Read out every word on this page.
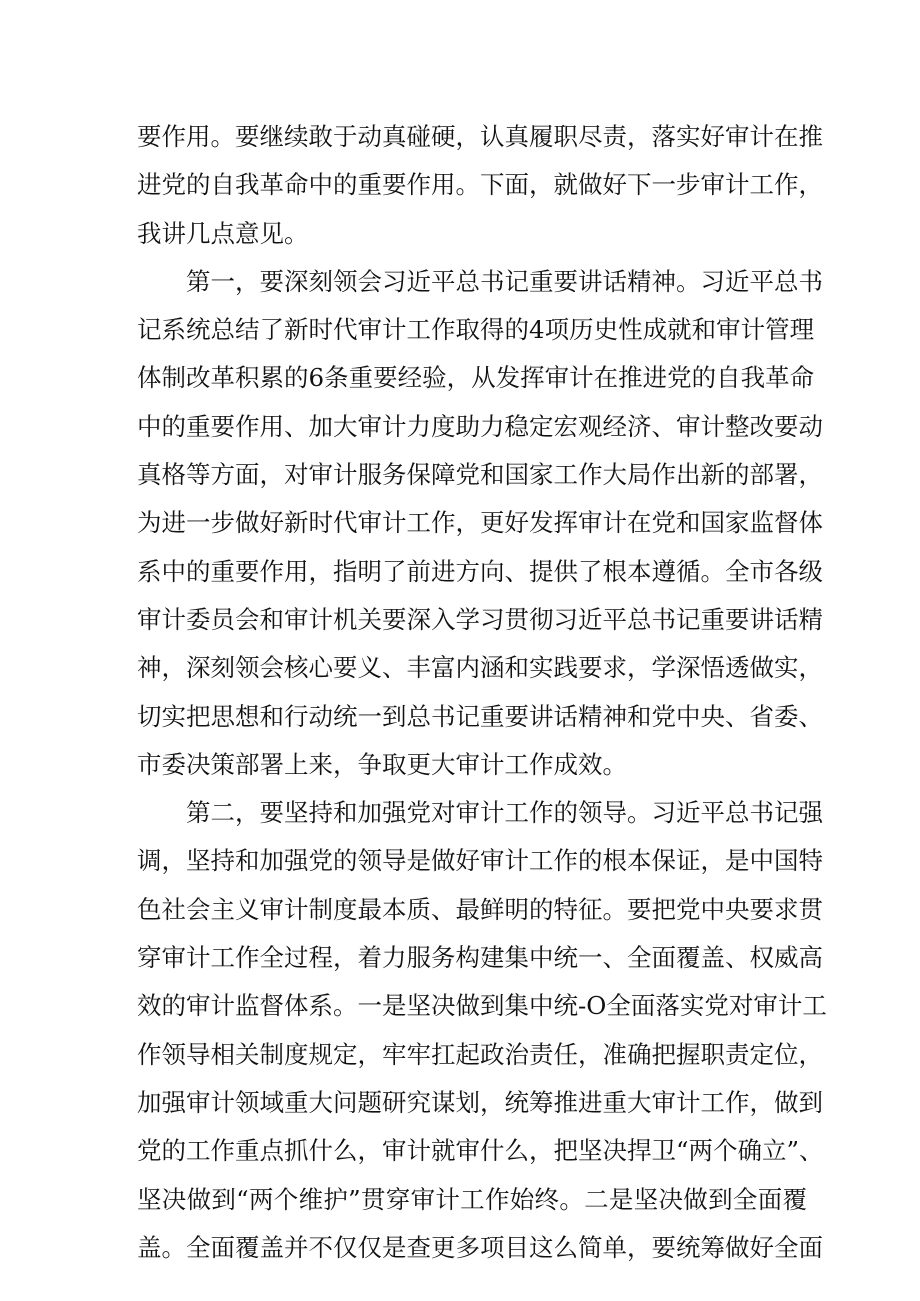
要作用。要继续敢于动真碰硬，认真履职尽责，落实好审计在推
进党的自我革命中的重要作用。下面，就做好下一步审计工作，
我讲几点意见。
第一，要深刻领会习近平总书记重要讲话精神。习近平总书
记系统总结了新时代审计工作取得的4项历史性成就和审计管理
体制改革积累的6条重要经验，从发挥审计在推进党的自我革命
中的重要作用、加大审计力度助力稳定宏观经济、审计整改要动
真格等方面，对审计服务保障党和国家工作大局作出新的部署，
为进一步做好新时代审计工作，更好发挥审计在党和国家监督体
系中的重要作用，指明了前进方向、提供了根本遵循。全市各级
审计委员会和审计机关要深入学习贯彻习近平总书记重要讲话精
神，深刻领会核心要义、丰富内涵和实践要求，学深悟透做实，
切实把思想和行动统一到总书记重要讲话精神和党中央、省委、
市委决策部署上来，争取更大审计工作成效。
第二，要坚持和加强党对审计工作的领导。习近平总书记强
调，坚持和加强党的领导是做好审计工作的根本保证，是中国特
色社会主义审计制度最本质、最鲜明的特征。要把党中央要求贯
穿审计工作全过程，着力服务构建集中统一、全面覆盖、权威高
效的审计监督体系。一是坚决做到集中统-O全面落实党对审计工
作领导相关制度规定，牢牢扛起政治责任，准确把握职责定位，
加强审计领域重大问题研究谋划，统筹推进重大审计工作，做到
党的工作重点抓什么，审计就审什么，把坚决捍卫“两个确立”、
坚决做到“两个维护”贯穿审计工作始终。二是坚决做到全面覆
盖。全面覆盖并不仅仅是查更多项目这么简单，要统筹做好全面
